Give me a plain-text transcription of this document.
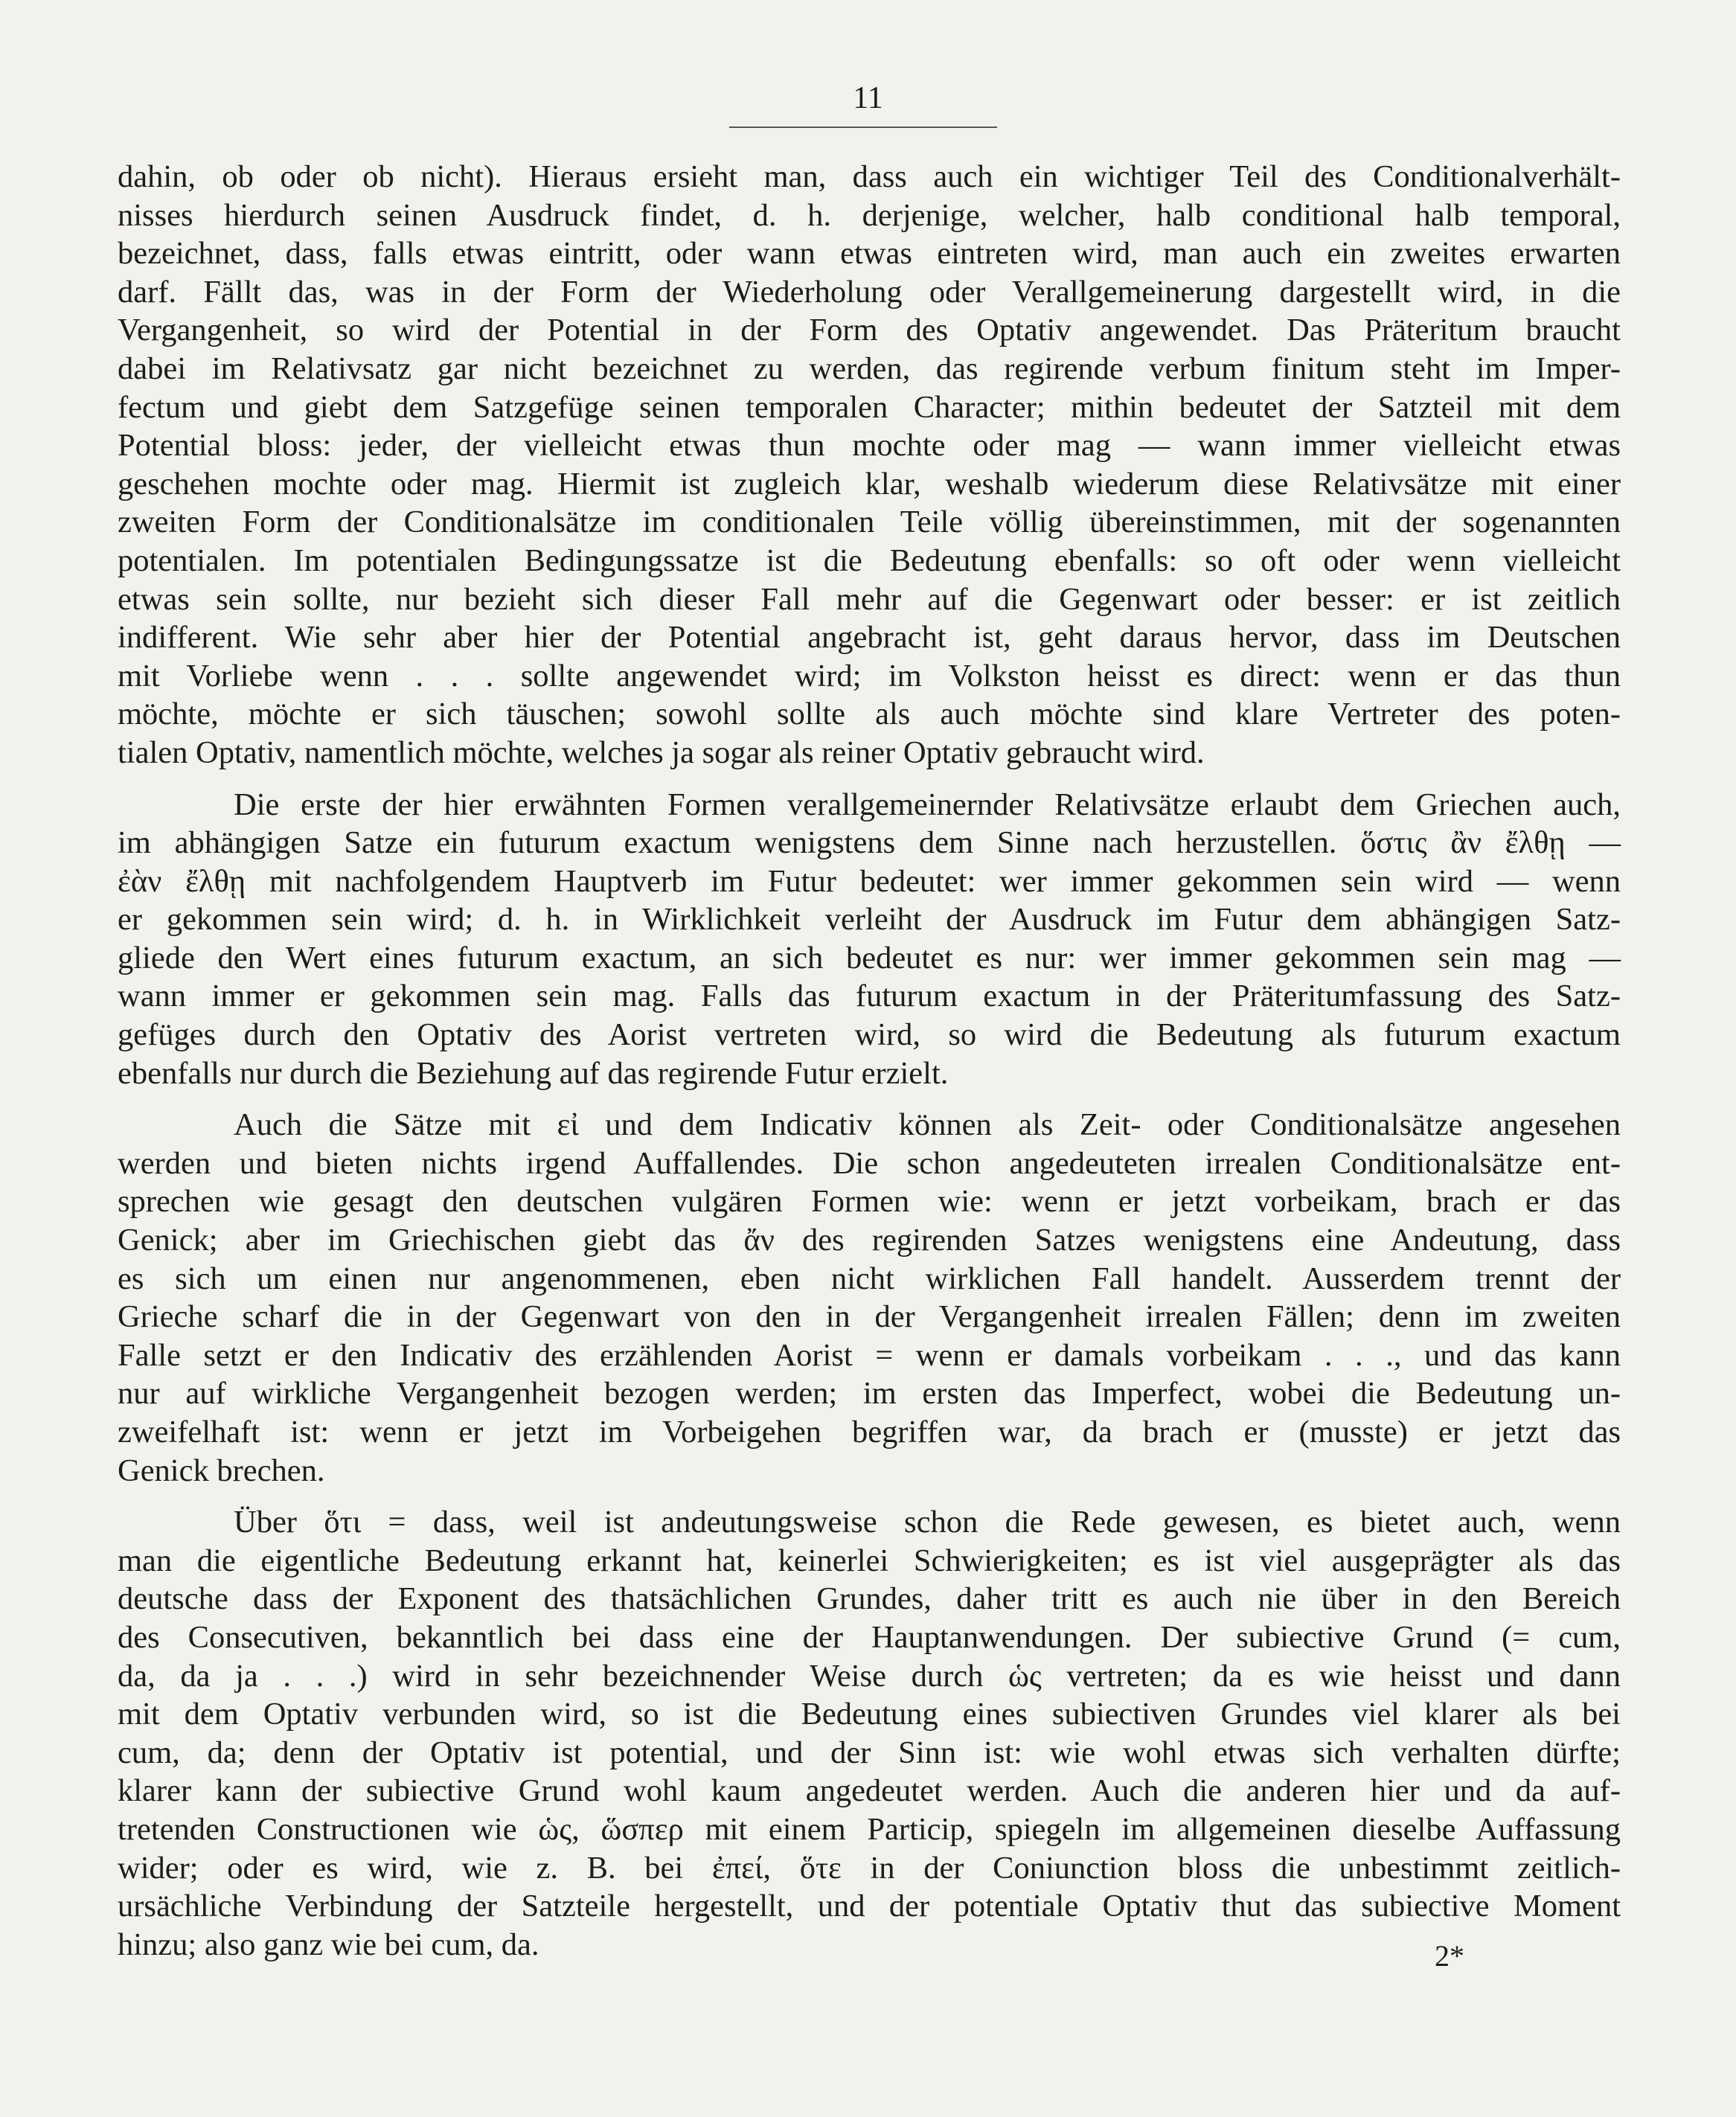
11

dahin, ob oder ob nicht). Hieraus ersieht man, dass auch ein wichtiger Teil des Conditionalverhält-

nisses hierdurch seinen Ausdruck findet, d. h. derjenige, welcher, halb conditional halb temporal,

bezeichnet, dass, falls etwas eintritt, oder wann etwas eintreten wird, man auch ein zweites erwarten

darf. Fällt das, was in der Form der Wiederholung oder Verallgemeinerung dargestellt wird, in die

Vergangenheit, so wird der Potential in der Form des Optativ angewendet. Das Präteritum braucht

dabei im Relativsatz gar nicht bezeichnet zu werden, das regirende verbum finitum steht im Imper-

fectum und giebt dem Satzgefüge seinen temporalen Character; mithin bedeutet der Satzteil mit dem

Potential bloss: jeder, der vielleicht etwas thun mochte oder mag — wann immer vielleicht etwas

geschehen mochte oder mag. Hiermit ist zugleich klar, weshalb wiederum diese Relativsätze mit einer

zweiten Form der Conditionalsätze im conditionalen Teile völlig übereinstimmen, mit der sogenannten

potentialen. Im potentialen Bedingungssatze ist die Bedeutung ebenfalls: so oft oder wenn vielleicht

etwas sein sollte, nur bezieht sich dieser Fall mehr auf die Gegenwart oder besser: er ist zeitlich

indifferent. Wie sehr aber hier der Potential angebracht ist, geht daraus hervor, dass im Deutschen

mit Vorliebe wenn . . . sollte angewendet wird; im Volkston heisst es direct: wenn er das thun

möchte, möchte er sich täuschen; sowohl sollte als auch möchte sind klare Vertreter des poten-

tialen Optativ, namentlich möchte, welches ja sogar als reiner Optativ gebraucht wird.

Die erste der hier erwähnten Formen verallgemeinernder Relativsätze erlaubt dem Griechen auch,

im abhängigen Satze ein futurum exactum wenigstens dem Sinne nach herzustellen. ὅστις ἂν ἔλθῃ —

ἐὰν ἔλθῃ mit nachfolgendem Hauptverb im Futur bedeutet: wer immer gekommen sein wird — wenn

er gekommen sein wird; d. h. in Wirklichkeit verleiht der Ausdruck im Futur dem abhängigen Satz-

gliede den Wert eines futurum exactum, an sich bedeutet es nur: wer immer gekommen sein mag —

wann immer er gekommen sein mag. Falls das futurum exactum in der Präteritumfassung des Satz-

gefüges durch den Optativ des Aorist vertreten wird, so wird die Bedeutung als futurum exactum

ebenfalls nur durch die Beziehung auf das regirende Futur erzielt.

Auch die Sätze mit εἰ und dem Indicativ können als Zeit- oder Conditionalsätze angesehen

werden und bieten nichts irgend Auffallendes. Die schon angedeuteten irrealen Conditionalsätze ent-

sprechen wie gesagt den deutschen vulgären Formen wie: wenn er jetzt vorbeikam, brach er das

Genick; aber im Griechischen giebt das ἄν des regirenden Satzes wenigstens eine Andeutung, dass

es sich um einen nur angenommenen, eben nicht wirklichen Fall handelt. Ausserdem trennt der

Grieche scharf die in der Gegenwart von den in der Vergangenheit irrealen Fällen; denn im zweiten

Falle setzt er den Indicativ des erzählenden Aorist = wenn er damals vorbeikam . . ., und das kann

nur auf wirkliche Vergangenheit bezogen werden; im ersten das Imperfect, wobei die Bedeutung un-

zweifelhaft ist: wenn er jetzt im Vorbeigehen begriffen war, da brach er (musste) er jetzt das

Genick brechen.

Über ὅτι = dass, weil ist andeutungsweise schon die Rede gewesen, es bietet auch, wenn

man die eigentliche Bedeutung erkannt hat, keinerlei Schwierigkeiten; es ist viel ausgeprägter als das

deutsche dass der Exponent des thatsächlichen Grundes, daher tritt es auch nie über in den Bereich

des Consecutiven, bekanntlich bei dass eine der Hauptanwendungen. Der subiective Grund (= cum,

da, da ja . . .) wird in sehr bezeichnender Weise durch ὡς vertreten; da es wie heisst und dann

mit dem Optativ verbunden wird, so ist die Bedeutung eines subiectiven Grundes viel klarer als bei

cum, da; denn der Optativ ist potential, und der Sinn ist: wie wohl etwas sich verhalten dürfte;

klarer kann der subiective Grund wohl kaum angedeutet werden. Auch die anderen hier und da auf-

tretenden Constructionen wie ὡς, ὥσπερ mit einem Particip, spiegeln im allgemeinen dieselbe Auffassung

wider; oder es wird, wie z. B. bei ἐπεί, ὅτε in der Coniunction bloss die unbestimmt zeitlich-

ursächliche Verbindung der Satzteile hergestellt, und der potentiale Optativ thut das subiective Moment

hinzu; also ganz wie bei cum, da.	2*
